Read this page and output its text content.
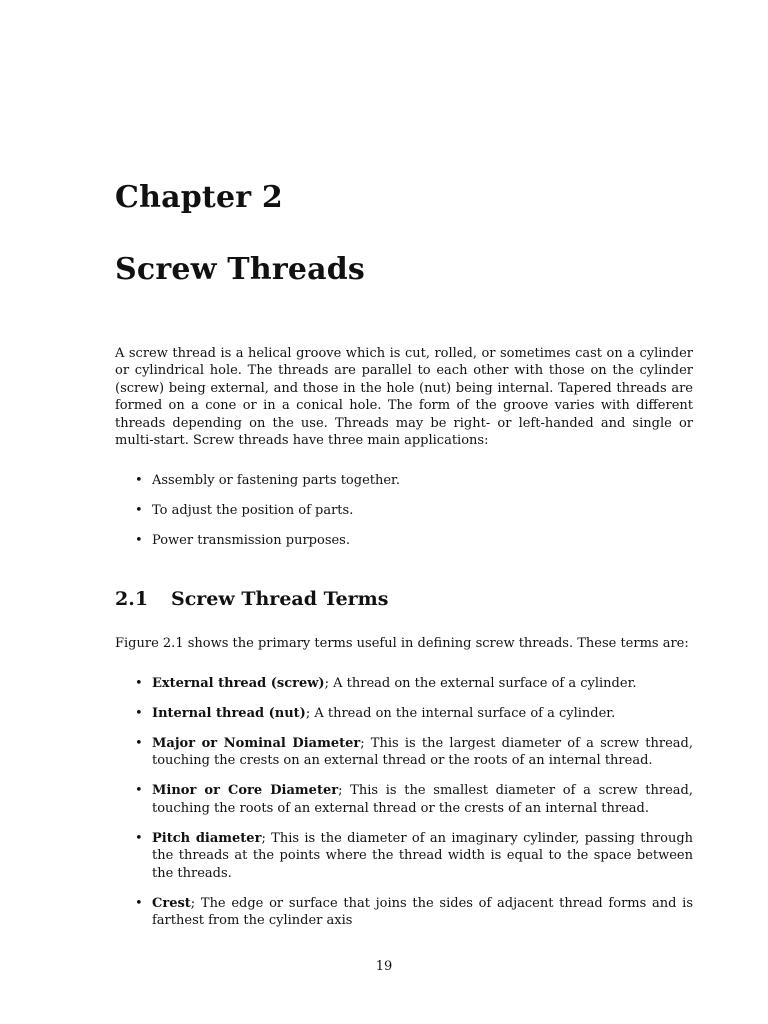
Chapter 2
Screw Threads
A screw thread is a helical groove which is cut, rolled, or sometimes cast on a cylinder or cylindrical hole. The threads are parallel to each other with those on the cylinder (screw) being external, and those in the hole (nut) being internal. Tapered threads are formed on a cone or in a conical hole. The form of the groove varies with different threads depending on the use. Threads may be right- or left-handed and single or multi-start. Screw threads have three main applications:
• Assembly or fastening parts together.
• To adjust the position of parts.
• Power transmission purposes.
2.1 Screw Thread Terms
Figure 2.1 shows the primary terms useful in defining screw threads. These terms are:
• External thread (screw); A thread on the external surface of a cylinder.
• Internal thread (nut); A thread on the internal surface of a cylinder.
• Major or Nominal Diameter; This is the largest diameter of a screw thread, touching the crests on an external thread or the roots of an internal thread.
• Minor or Core Diameter; This is the smallest diameter of a screw thread, touching the roots of an external thread or the crests of an internal thread.
• Pitch diameter; This is the diameter of an imaginary cylinder, passing through the threads at the points where the thread width is equal to the space between the threads.
• Crest; The edge or surface that joins the sides of adjacent thread forms and is farthest from the cylinder axis
19
